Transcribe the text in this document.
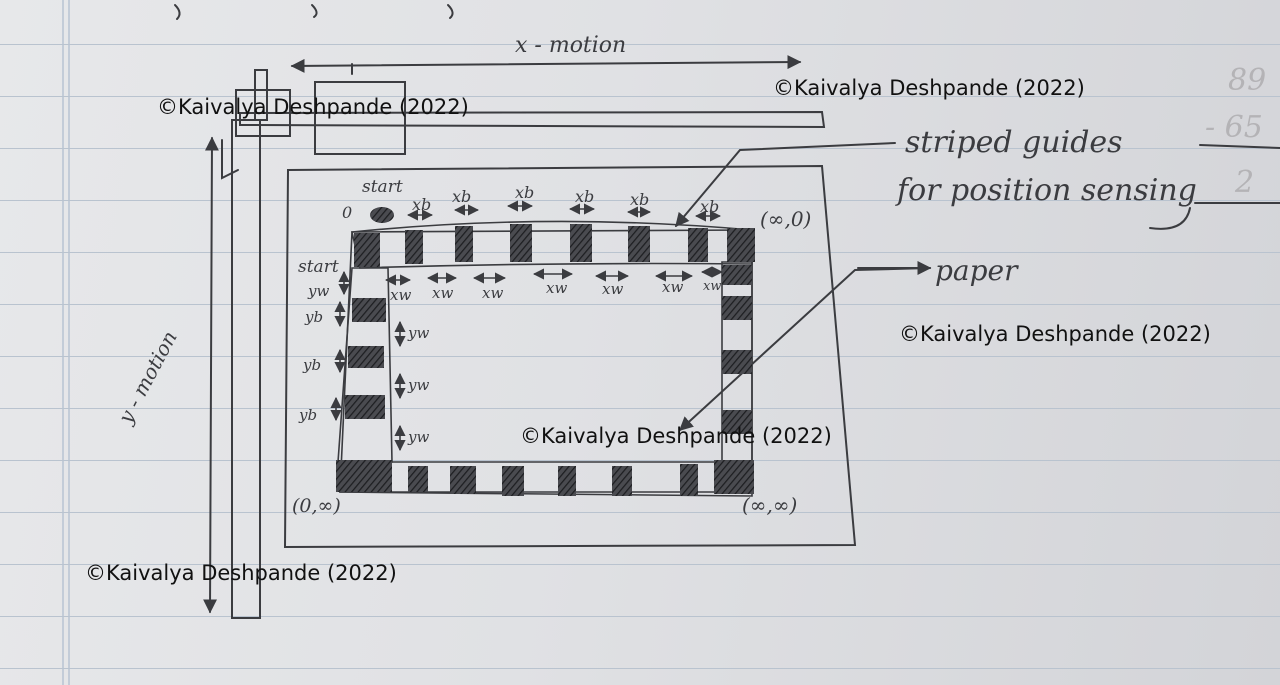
x - motion
y - motion
striped guides
for position sensing
paper
start
start
0	(∞,0)
(0,∞)	(∞,∞)
xb xb	xb	xb xb	xb
xw xw xw	xw xw	xw xw
yw
yb
yb
yb
yw
yw
yw
89
- 65
2
©Kaivalya Deshpande (2022)
©Kaivalya Deshpande (2022)
©Kaivalya Deshpande (2022)
©Kaivalya Deshpande (2022)
©Kaivalya Deshpande (2022)
